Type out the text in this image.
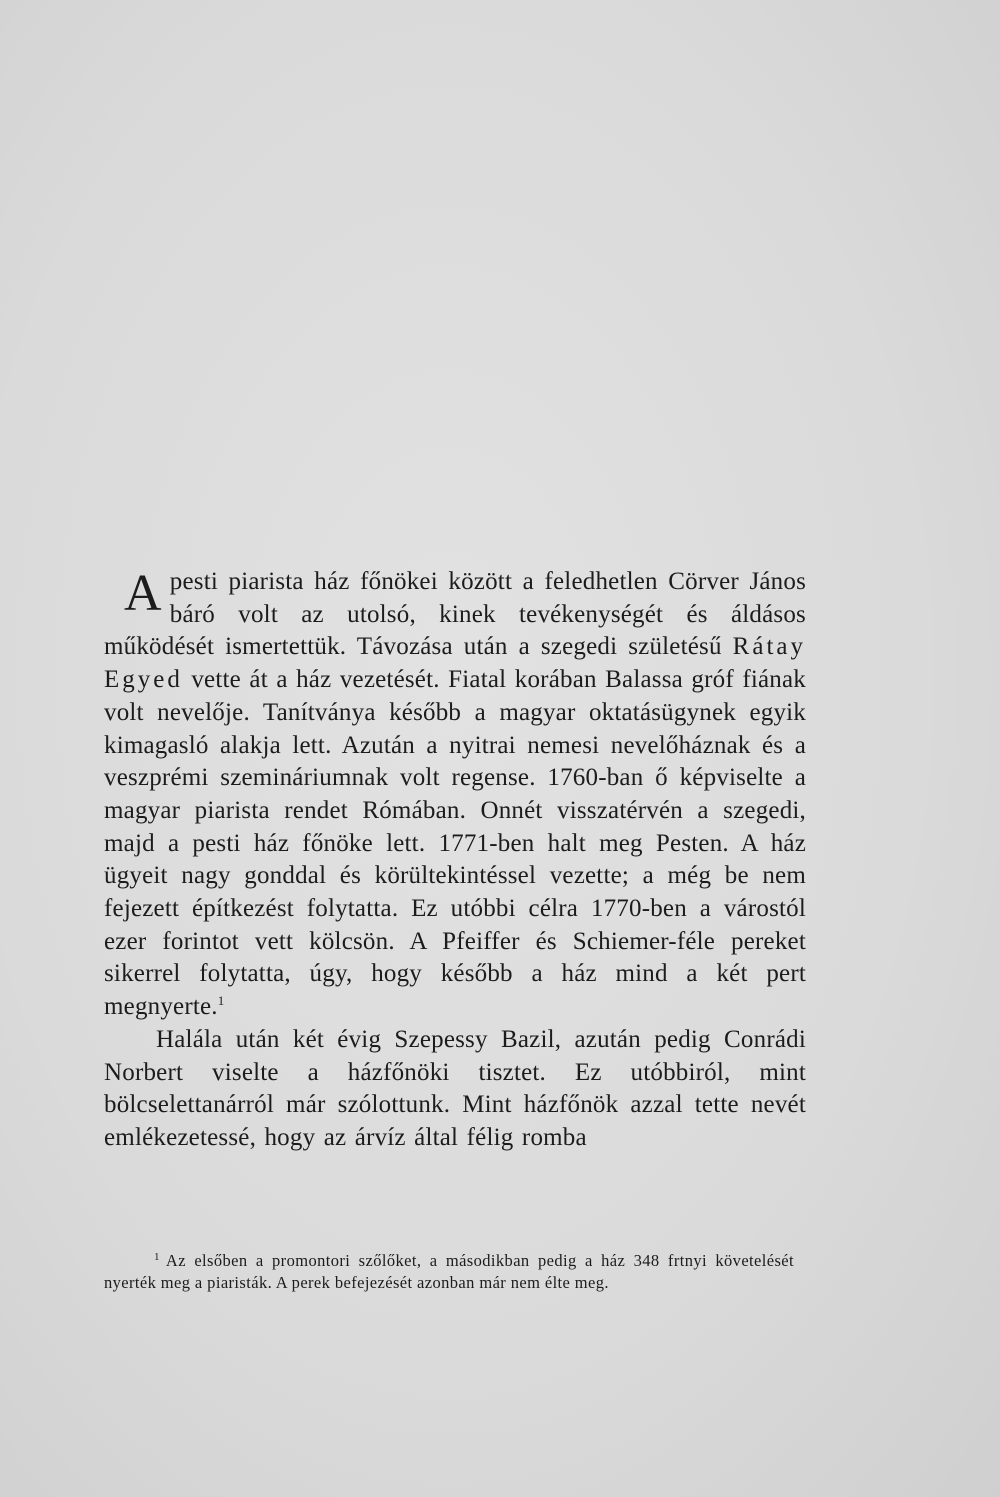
Apesti piarista ház főnökei között a feledhetlen Cörver János báró volt az utolsó, kinek tevékenységét és áldásos működését ismertettük. Távozása után a szegedi születésű Rátay Egyed vette át a ház vezetését. Fiatal korában Balassa gróf fiának volt nevelője. Tanítványa később a magyar oktatásügynek egyik kimagasló alakja lett. Azután a nyitrai nemesi nevelőháznak és a veszprémi szemináriumnak volt regense. 1760-ban ő képviselte a magyar piarista rendet Rómában. Onnét visszatérvén a szegedi, majd a pesti ház főnöke lett. 1771-ben halt meg Pesten. A ház ügyeit nagy gonddal és körültekintéssel vezette; a még be nem fejezett építkezést folytatta. Ez utóbbi célra 1770-ben a várostól ezer forintot vett kölcsön. A Pfeiffer és Schiemer-féle pereket sikerrel folytatta, úgy, hogy később a ház mind a két pert megnyerte.$^1$

Halála után két évig Szepessy Bazil, azután pedig Conrádi Norbert viselte a házfőnöki tisztet. Ez utóbbiról, mint bölcselettanárról már szólottunk. Mint házfőnök azzal tette nevét emlékezetessé, hogy az árvíz által félig romba

$^1$ Az elsőben a promontori szőlőket, a másodikban pedig a ház 348 frtnyi követelését nyerték meg a piaristák. A perek befejezését azonban már nem élte meg.
